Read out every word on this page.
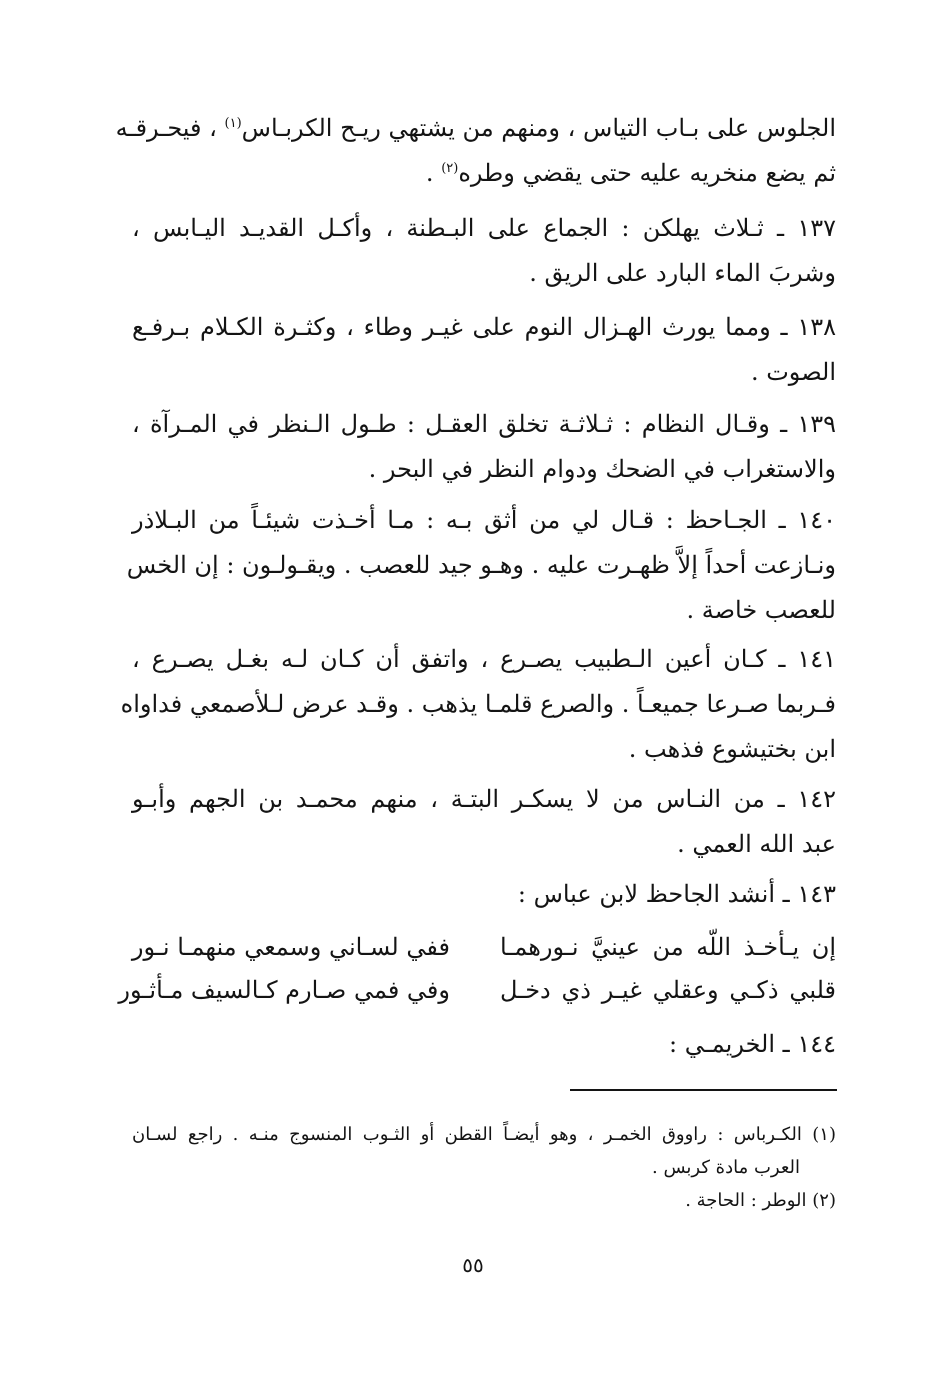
الجلوس على بـاب التياس ، ومنهم من يشتهي ريـح الكربـاس$^{(١)}$ ، فيحـرقـه
ثم يضع منخريه عليه حتى يقضي وطره$^{(٢)}$ .
١٣٧ ـ ثـلاث يهلكن : الجماع على البـطنة ، وأكـل القديـد اليـابس ،
وشربَ الماء البارد على الريق .
١٣٨ ـ ومما يورث الهـزال النوم على غيـر وطاء ، وكثـرة الكـلام بـرفـع
الصوت .
١٣٩ ـ وقـال النظام : ثـلاثـة تخلق العقـل : طـول الـنظر في المـرآة ،
والاستغراب في الضحك ودوام النظر في البحر .
١٤٠ ـ الجـاحظ : قـال لي من أثق بـه : مـا أخـذت شيئـاً من البـلاذر
ونـازعت أحداً إلاَّ ظهـرت عليه . وهـو جيد للعصب . ويقـولـون : إن الخس
للعصب خاصة .
١٤١ ـ كـان أعين الـطبيب يصـرع ، واتفق أن كـان لـه بغـل يصـرع ،
فـربما صـرعا جميعـاً . والصرع قلمـا يذهب . وقـد عرض لـلأصمعي فداواه
ابن بختيشوع فذهب .
١٤٢ ـ من النـاس من لا يسكـر البتـة ، منهم محمـد بن الجهم وأبـو
عبد الله العمي .
١٤٣ ـ أنشد الجاحظ لابن عباس :
إن يـأخـذ اللّه من عينيَّ نـورهمـا
ففي لسـاني وسمعي منهمـا نـور
قلبي ذكـي وعقلي غيـر ذي دخـل
وفي فمي صـارم كـالسيف مـأثـور
١٤٤ ـ الخريمـي :
(١) الكـرباس : راووق الخمـر ، وهو أيضـاً القطن أو الثـوب المنسوج منـه . راجع لسـان
العرب مادة كربس .
(٢) الوطر : الحاجة .
٥٥
